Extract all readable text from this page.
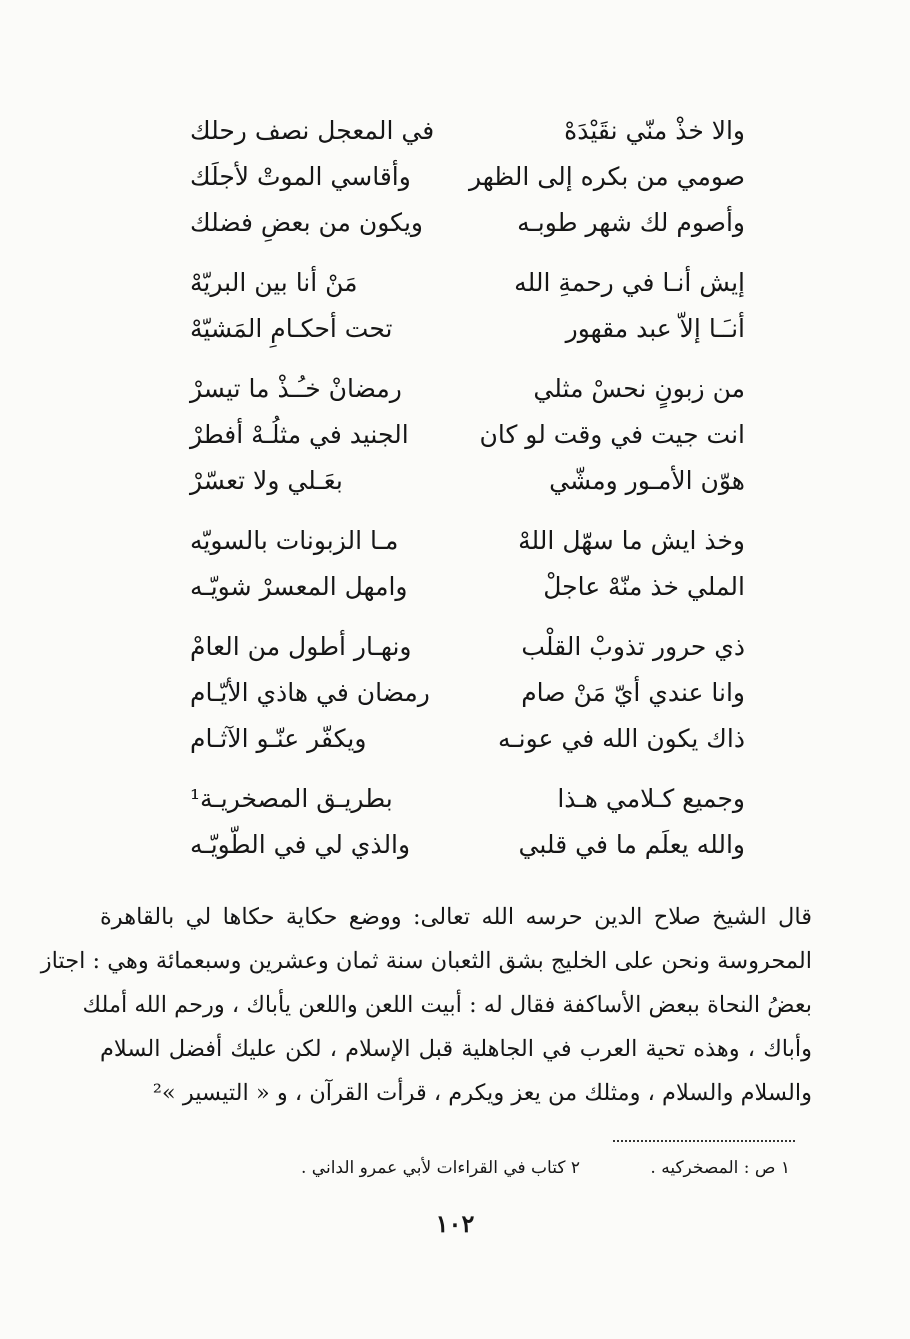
والا خذْ منّي نقَيْدَهْ
في المعجل نصف رحلك
صومي من بكره إلى الظهر
وأقاسي الموتْ لأجلَك
وأصوم لك شهر طوبـه
ويكون من بعضِ فضلك
إيش أنـا في رحمةِ الله
مَنْ أنا بين البريّهْ
أنـَـا إلاّ عبد مقهور
تحت أحكـامِ المَشيّهْ
من زبونٍ نحسْ مثلي
رمضانْ خـُـذْ ما تيسرْ
انت جيت في وقت لو كان
الجنيد في مثلُـهْ أفطرْ
هوّن الأمـور ومشّي
بعَـلي ولا تعسّرْ
وخذ ايش ما سهّل اللهْ
مـا الزبونات بالسويّه
الملي خذ منّهْ عاجلْ
وامهل المعسرْ شويّـه
ذي حرور تذوبْ القلْب
ونهـار أطول من العامْ
وانا عندي أيّ مَنْ صام
رمضان في هاذي الأيّـام
ذاك يكون الله في عونـه
ويكفّر عنّـو الآثـام
وجميع كـلامي هـذا
بطريـق المصخريـة¹
والله يعلَم ما في قلبي
والذي لي في الطّويّـه
قال الشيخ صلاح الدين حرسه الله تعالى: ووضع حكاية حكاها لي بالقاهرة
المحروسة ونحن على الخليج بشق الثعبان سنة ثمان وعشرين وسبعمائة وهي : اجتاز
بعضُ النحاة ببعض الأساكفة فقال له : أبيت اللعن واللعن يأباك ، ورحم الله أملك
وأباك ، وهذه تحية العرب في الجاهلية قبل الإسلام ، لكن عليك أفضل السلام
والسلام والسلام ، ومثلك من يعز ويكرم ، قرأت القرآن ، و « التيسير »²
١ ص : المصخركيه .
٢ كتاب في القراءات لأبي عمرو الداني .
١٠٢
